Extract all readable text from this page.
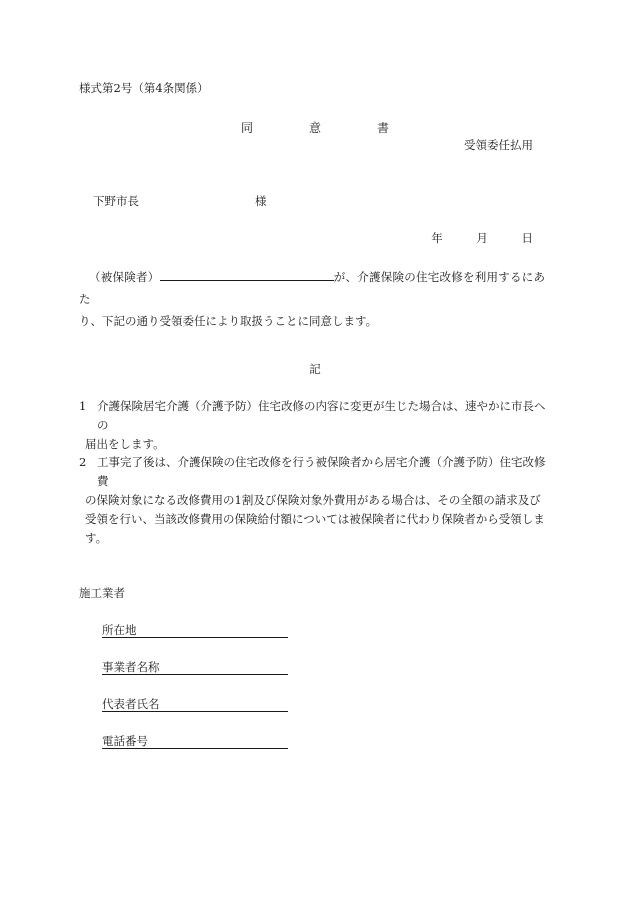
様式第2号（第4条関係）
同　意　書
受領委任払用
下野市長	様
年	月	日
（被保険者）	が、介護保険の住宅改修を利用するにあた
り、下記の通り受領委任により取扱うことに同意します。
記
1 介護保険居宅介護（介護予防）住宅改修の内容に変更が生じた場合は、速やかに市長への
届出をします。
2 工事完了後は、介護保険の住宅改修を行う被保険者から居宅介護（介護予防）住宅改修費
の保険対象になる改修費用の1割及び保険対象外費用がある場合は、その全額の請求及び受領を行い、当該改修費用の保険給付額については被保険者に代わり保険者から受領します。
施工業者
所在地
事業者名称
代表者氏名
電話番号
